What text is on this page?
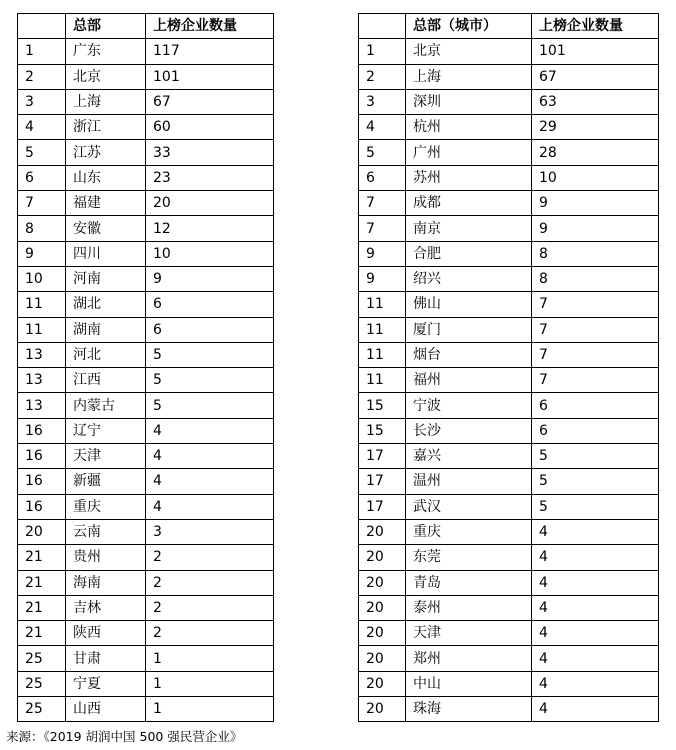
	总部	上榜企业数量
1	广东	117
2	北京	101
3	上海	67
4	浙江	60
5	江苏	33
6	山东	23
7	福建	20
8	安徽	12
9	四川	10
10	河南	9
11	湖北	6
11	湖南	6
13	河北	5
13	江西	5
13	内蒙古	5
16	辽宁	4
16	天津	4
16	新疆	4
16	重庆	4
20	云南	3
21	贵州	2
21	海南	2
21	吉林	2
21	陕西	2
25	甘肃	1
25	宁夏	1
25	山西	1
	总部（城市）	上榜企业数量
1	北京	101
2	上海	67
3	深圳	63
4	杭州	29
5	广州	28
6	苏州	10
7	成都	9
7	南京	9
9	合肥	8
9	绍兴	8
11	佛山	7
11	厦门	7
11	烟台	7
11	福州	7
15	宁波	6
15	长沙	6
17	嘉兴	5
17	温州	5
17	武汉	5
20	重庆	4
20	东莞	4
20	青岛	4
20	泰州	4
20	天津	4
20	郑州	4
20	中山	4
20	珠海	4
来源：《2019 胡润中国 500 强民营企业》
